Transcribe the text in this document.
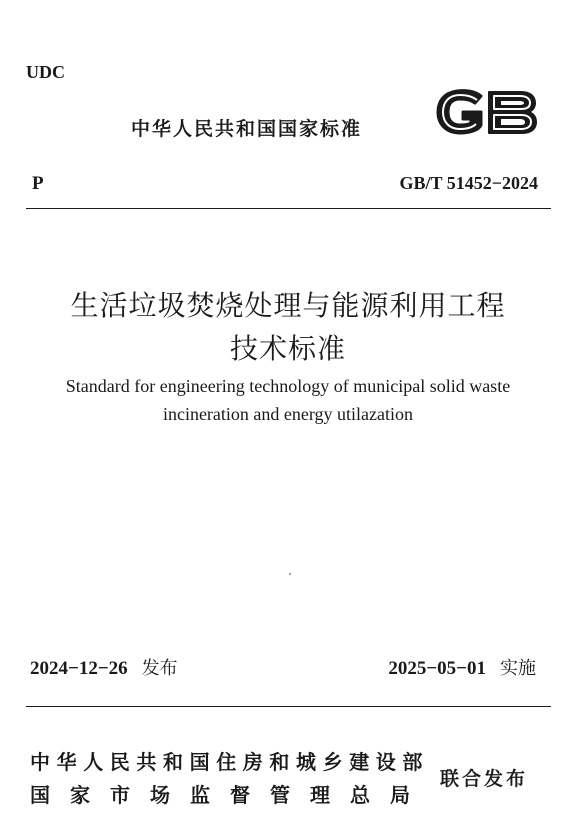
UDC
中华人民共和国国家标准
P	GB/T 51452−2024
生活垃圾焚烧处理与能源利用工程
技术标准
Standard for engineering technology of municipal solid waste
incineration and energy utilazation
2024−12−26 发布	2025−05−01 实施
中华人民共和国住房和城乡建设部
国家市场监督管理总局
联合发布
